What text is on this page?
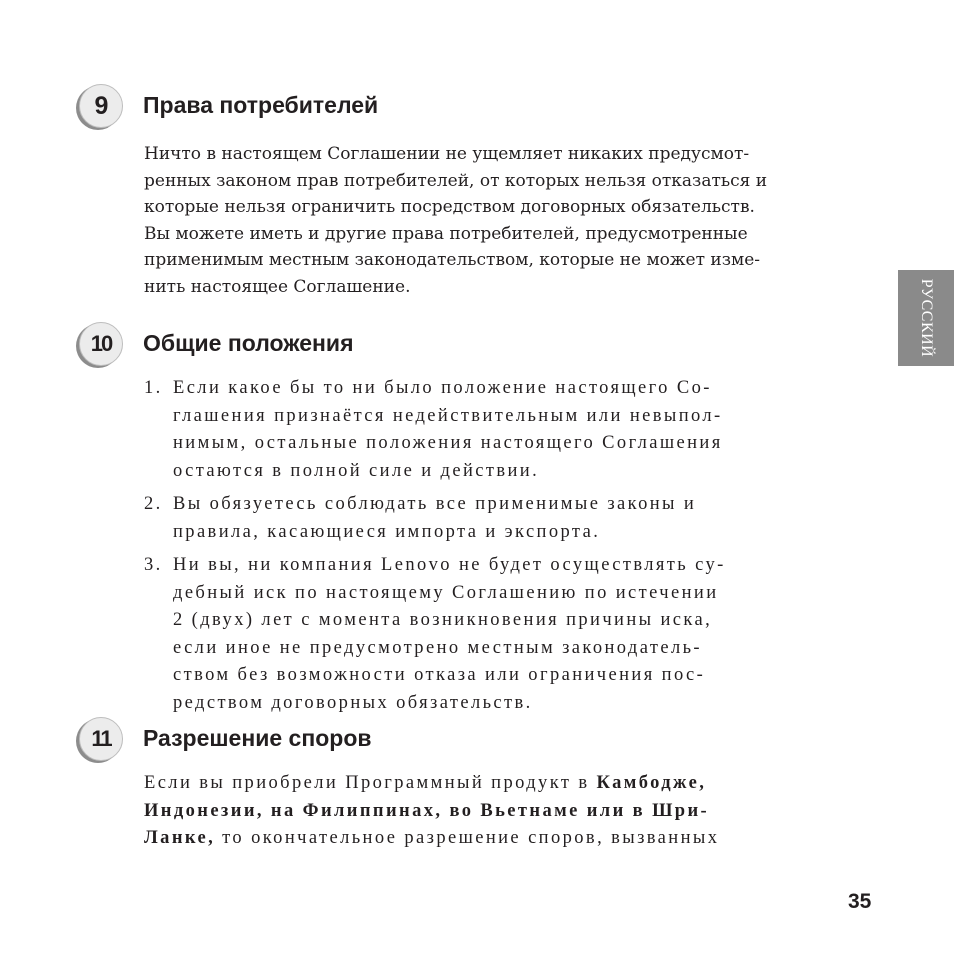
РУССКИЙ
9	Права потребителей

Ничто в настоящем Соглашении не ущемляет никаких предусмот-
ренных законом прав потребителей, от которых нельзя отказаться и
которые нельзя ограничить посредством договорных обязательств.
Вы можете иметь и другие права потребителей, предусмотренные
применимым местным законодательством, которые не может изме-
нить настоящее Соглашение.

10	Общие положения
1. Если какое бы то ни было положение настоящего Со-
глашения признаётся недействительным или невыпол-
нимым, остальные положения настоящего Соглашения
остаются в полной силе и действии.
2. Вы обязуетесь соблюдать все применимые законы и
правила, касающиеся импорта и экспорта.
3. Ни вы, ни компания Lenovo не будет осуществлять су-
дебный иск по настоящему Соглашению по истечении
2 (двух) лет с момента возникновения причины иска,
если иное не предусмотрено местным законодатель-
ством без возможности отказа или ограничения пос-
редством договорных обязательств.
11	Разрешение споров

Если вы приобрели Программный продукт в Камбодже,
Индонезии, на Филиппинах, во Вьетнаме или в Шри-
Ланке, то окончательное разрешение споров, вызванных

35
